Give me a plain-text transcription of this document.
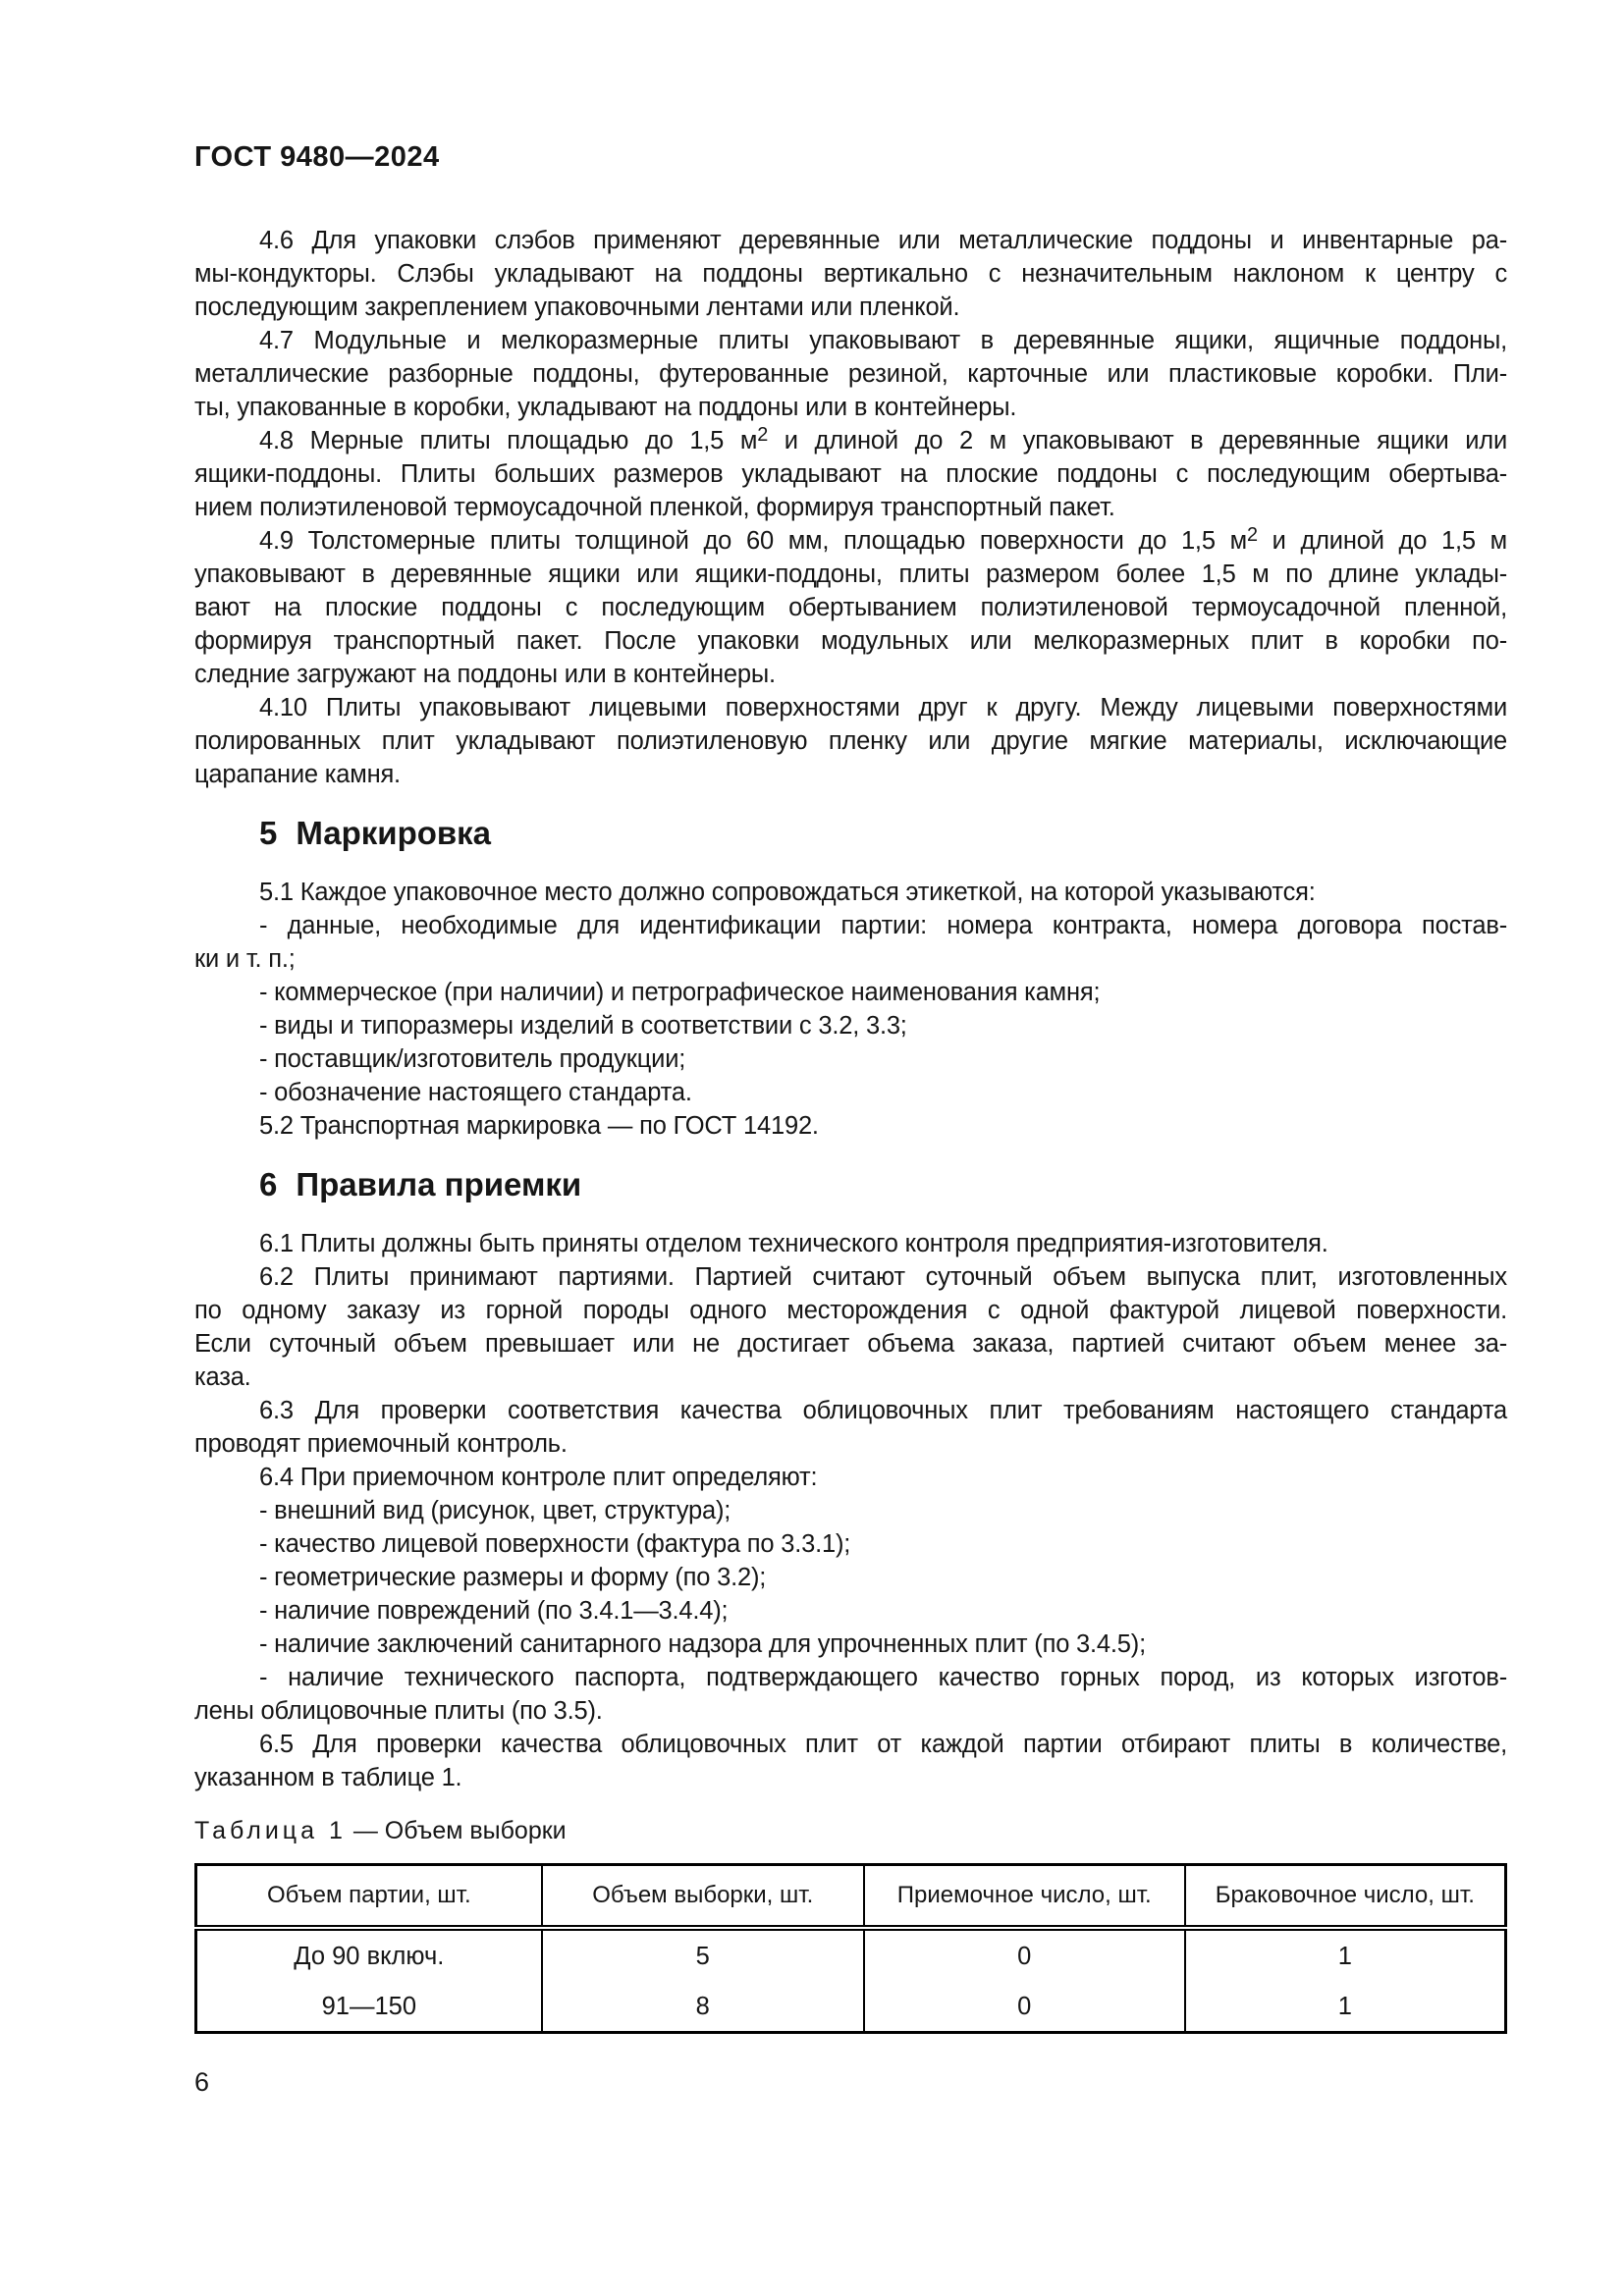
ГОСТ 9480—2024
4.6 Для упаковки слэбов применяют деревянные или металлические поддоны и инвентарные ра-
мы-кондукторы. Слэбы укладывают на поддоны вертикально с незначительным наклоном к центру с
последующим закреплением упаковочными лентами или пленкой.
4.7 Модульные и мелкоразмерные плиты упаковывают в деревянные ящики, ящичные поддоны,
металлические разборные поддоны, футерованные резиной, карточные или пластиковые коробки. Пли-
ты, упакованные в коробки, укладывают на поддоны или в контейнеры.
4.8 Мерные плиты площадью до 1,5 $м^2$ и длиной до 2 м упаковывают в деревянные ящики или
ящики-поддоны. Плиты больших размеров укладывают на плоские поддоны с последующим обертыва-
нием полиэтиленовой термоусадочной пленкой, формируя транспортный пакет.
4.9 Толстомерные плиты толщиной до 60 мм, площадью поверхности до 1,5 $м^2$ и длиной до 1,5 м
упаковывают в деревянные ящики или ящики-поддоны, плиты размером более 1,5 м по длине уклады-
вают на плоские поддоны с последующим обертыванием полиэтиленовой термоусадочной пленной,
формируя транспортный пакет. После упаковки модульных или мелкоразмерных плит в коробки по-
следние загружают на поддоны или в контейнеры.
4.10 Плиты упаковывают лицевыми поверхностями друг к другу. Между лицевыми поверхностями
полированных плит укладывают полиэтиленовую пленку или другие мягкие материалы, исключающие
царапание камня.
5 Маркировка
5.1 Каждое упаковочное место должно сопровождаться этикеткой, на которой указываются:
- данные, необходимые для идентификации партии: номера контракта, номера договора постав-
ки и т. п.;
- коммерческое (при наличии) и петрографическое наименования камня;
- виды и типоразмеры изделий в соответствии с 3.2, 3.3;
- поставщик/изготовитель продукции;
- обозначение настоящего стандарта.
5.2 Транспортная маркировка — по ГОСТ 14192.
6 Правила приемки
6.1 Плиты должны быть приняты отделом технического контроля предприятия-изготовителя.
6.2 Плиты принимают партиями. Партией считают суточный объем выпуска плит, изготовленных
по одному заказу из горной породы одного месторождения с одной фактурой лицевой поверхности.
Если суточный объем превышает или не достигает объема заказа, партией считают объем менее за-
каза.
6.3 Для проверки соответствия качества облицовочных плит требованиям настоящего стандарта
проводят приемочный контроль.
6.4 При приемочном контроле плит определяют:
- внешний вид (рисунок, цвет, структура);
- качество лицевой поверхности (фактура по 3.3.1);
- геометрические размеры и форму (по 3.2);
- наличие повреждений (по 3.4.1—3.4.4);
- наличие заключений санитарного надзора для упрочненных плит (по 3.4.5);
- наличие технического паспорта, подтверждающего качество горных пород, из которых изготов-
лены облицовочные плиты (по 3.5).
6.5 Для проверки качества облицовочных плит от каждой партии отбирают плиты в количестве,
указанном в таблице 1.
Таблица 1 — Объем выборки
Объем партии, шт.	Объем выборки, шт.	Приемочное число, шт.	Браковочное число, шт.
До 90 включ.	5	0	1
91—150	8	0	1
6
